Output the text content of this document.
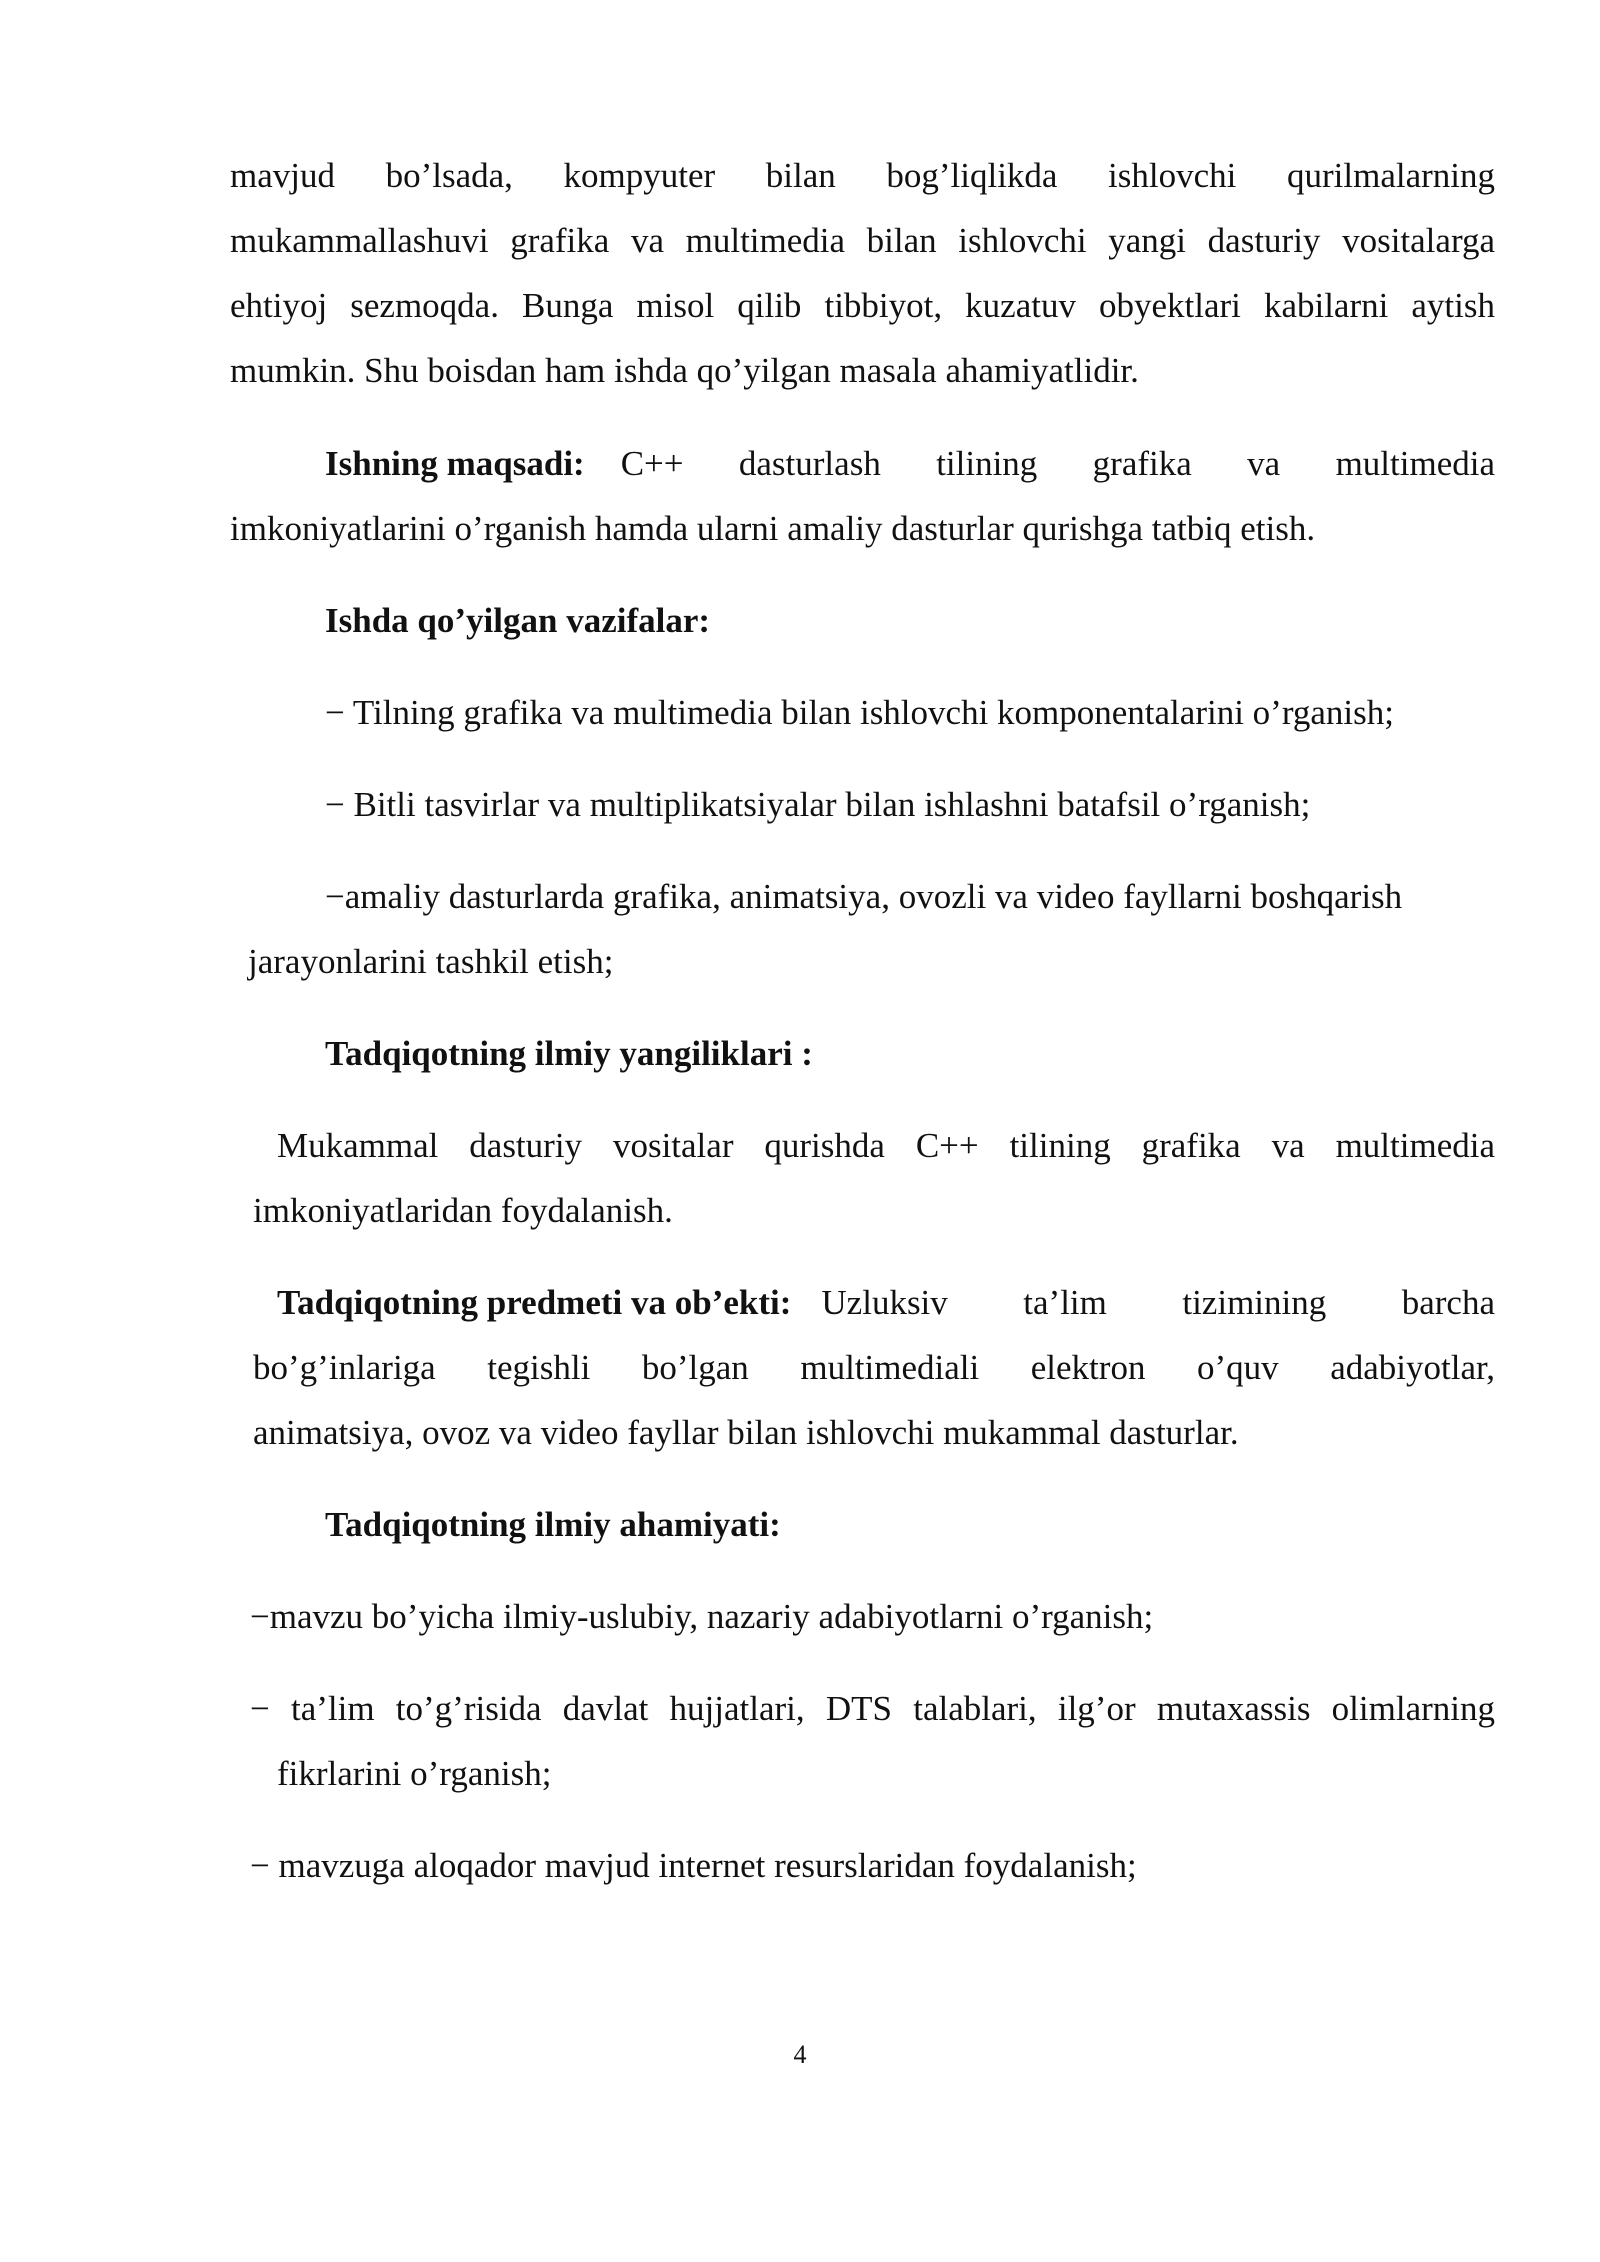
mavjud bo’lsada, kompyuter bilan bog’liqlikda ishlovchi qurilmalarning
mukammallashuvi grafika va multimedia bilan ishlovchi yangi dasturiy vositalarga
ehtiyoj sezmoqda. Bunga misol qilib tibbiyot, kuzatuv obyektlari kabilarni aytish
mumkin. Shu boisdan ham ishda qo’yilgan masala ahamiyatlidir.
Ishning maqsadi: C++ dasturlash tilining grafika va multimedia
imkoniyatlarini o’rganish hamda ularni amaliy dasturlar qurishga tatbiq etish.
Ishda qo’yilgan vazifalar:
− Tilning grafika va multimedia bilan ishlovchi komponentalarini o’rganish;
− Bitli tasvirlar va multiplikatsiyalar bilan ishlashni batafsil o’rganish;
−amaliy dasturlarda grafika, animatsiya, ovozli va video fayllarni boshqarish
jarayonlarini tashkil etish;
Tadqiqotning ilmiy yangiliklari :
Mukammal dasturiy vositalar qurishda C++ tilining grafika va multimedia
imkoniyatlaridan foydalanish.
Tadqiqotning predmeti va ob’ekti: Uzluksiv ta’lim tizimining barcha
bo’g’inlariga tegishli bo’lgan multimediali elektron o’quv adabiyotlar,
animatsiya, ovoz va video fayllar bilan ishlovchi mukammal dasturlar.
Tadqiqotning ilmiy ahamiyati:
−mavzu bo’yicha ilmiy-uslubiy, nazariy adabiyotlarni o’rganish;
− ta’lim to’g’risida davlat hujjatlari, DTS talablari, ilg’or mutaxassis olimlarning
fikrlarini o’rganish;
− mavzuga aloqador mavjud internet resurslaridan foydalanish;
4
